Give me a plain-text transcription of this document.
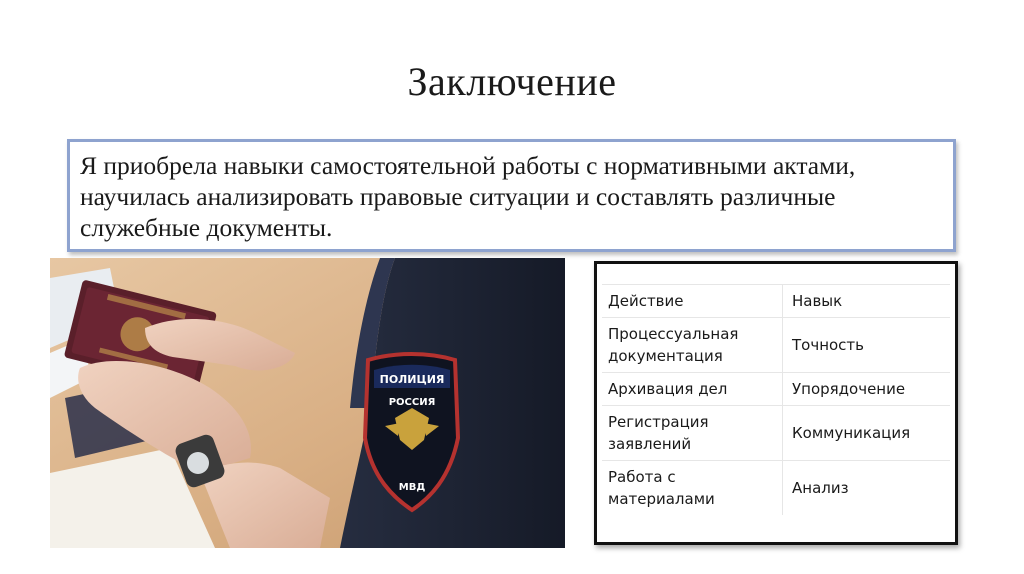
Заключение
Я приобрела навыки самостоятельной работы с нормативными актами, научилась анализировать правовые ситуации и составлять различные служебные документы.
ПОЛИЦИЯ
РОССИЯ
МВД
Действие	Навык
Процессуальная документация	Точность
Архивация дел	Упорядочение
Регистрация заявлений	Коммуникация
Работа с материалами	Анализ
